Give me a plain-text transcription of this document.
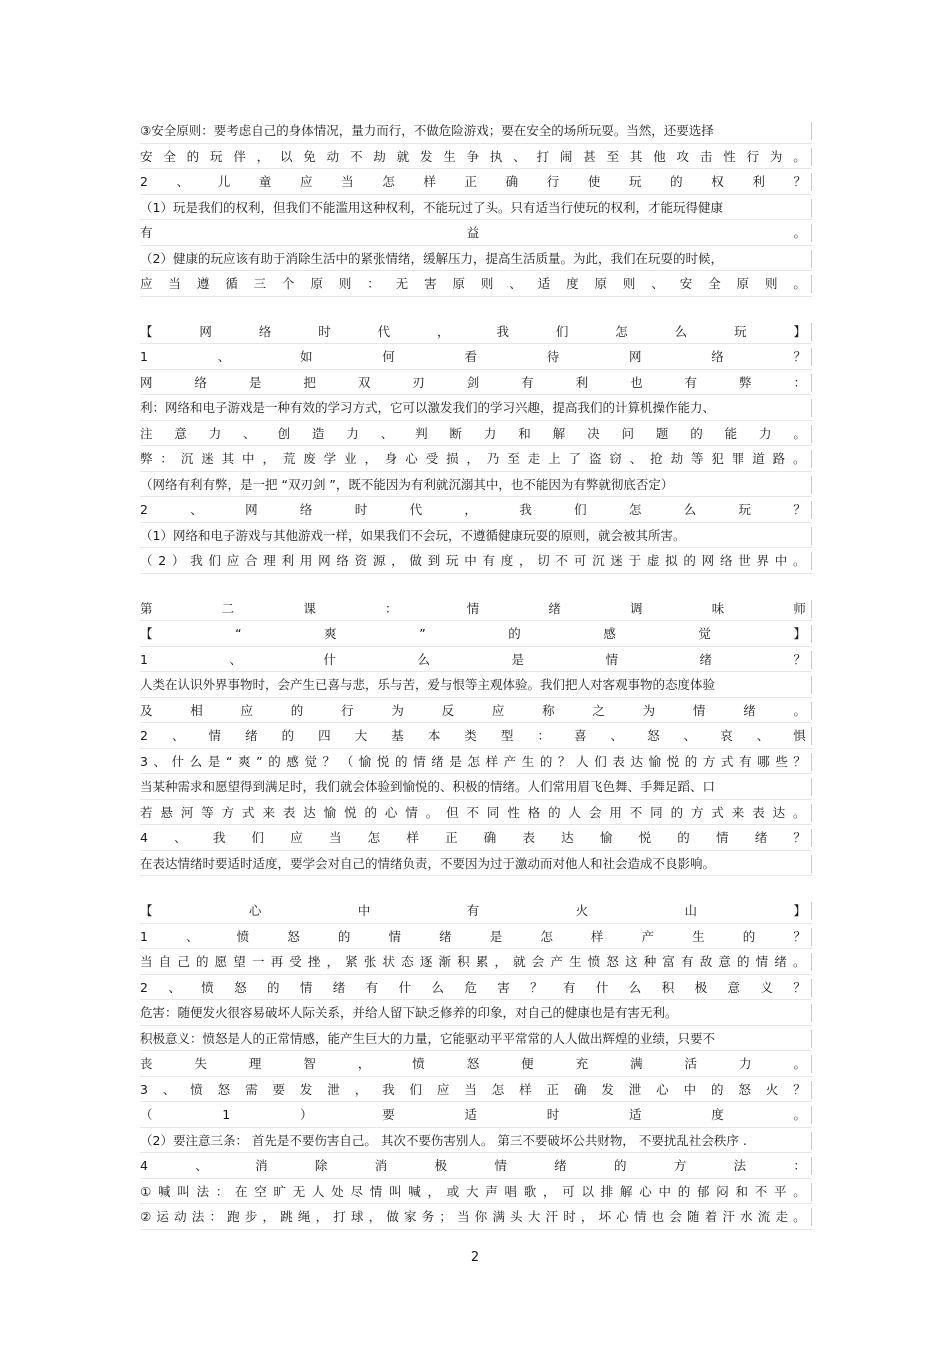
③安全原则：要考虑自己的身体情况，量力而行，不做危险游戏；要在安全的场所玩耍。当然，还要选择
安 全 的 玩 伴 ， 以 免 动 不 劫 就 发 生 争 执 、 打 闹 甚 至 其 他 攻 击 性 行 为 。
2 、 儿 童 应 当 怎 样 正 确 行 使 玩 的 权 利 ？
（1）玩是我们的权利，但我们不能滥用这种权利，不能玩过了头。只有适当行使玩的权利，才能玩得健康
有	益	。
（2）健康的玩应该有助于消除生活中的紧张情绪，缓解压力，提高生活质量。为此，我们在玩耍的时候，
应 当 遵 循 三 个 原 则 ： 无 害 原 则 、 适 度 原 则 、 安 全 原 则 。
【	网	络	时	代	，	我	们	怎	么	玩	】
1	、	如	何	看	待	网	络	？
网	络	是	把	双	刃	剑	有	利	也	有	弊	：
利：网络和电子游戏是一种有效的学习方式，它可以激发我们的学习兴趣，提高我们的计算机操作能力、
注 意 力 、 创 造 力 、 判 断 力 和 解 决 问 题 的 能 力 。
弊 ： 沉 迷 其 中 ， 荒 废 学 业 ， 身 心 受 损 ， 乃 至 走 上 了 盗 窃 、 抢 劫 等 犯 罪 道 路 。
（网络有利有弊，是一把 “双刃剑 ”，既不能因为有利就沉溺其中，也不能因为有弊就彻底否定）
2	、	网	络	时	代	，	我	们	怎	么	玩	？
（1）网络和电子游戏与其他游戏一样，如果我们不会玩，不遵循健康玩耍的原则，就会被其所害。
（ 2 ） 我 们 应 合 理 利 用 网 络 资 源 ， 做 到 玩 中 有 度 ， 切 不 可 沉 迷 于 虚 拟 的 网 络 世 界 中 。
第	二	课	：	情	绪	调	味	师
【	“	爽	”	的	感	觉	】
1	、	什	么	是	情	绪	？
人类在认识外界事物时，会产生已喜与悲，乐与苦，爱与恨等主观体验。我们把人对客观事物的态度体验
及	相	应	的	行	为	反	应	称	之	为	情	绪	。
2 、 情 绪 的 四 大 基 本 类 型 ： 喜 、 怒 、 哀 、 惧
3 、 什 么 是 “ 爽 ” 的 感 觉 ？ （ 愉 悦 的 情 绪 是 怎 样 产 生 的 ？ 人 们 表 达 愉 悦 的 方 式 有 哪 些 ？
当某种需求和愿望得到满足时，我们就会体验到愉悦的、积极的情绪。人们常用眉飞色舞、手舞足蹈、口
若 悬 河 等 方 式 来 表 达 愉 悦 的 心 情 。 但 不 同 性 格 的 人 会 用 不 同 的 方 式 来 表 达 。
4 、 我 们 应 当 怎 样 正 确 表 达 愉 悦 的 情 绪 ？
在表达情绪时要适时适度，要学会对自己的情绪负责，不要因为过于激动而对他人和社会造成不良影响。
【	心	中	有	火	山	】
1	、	愤	怒	的	情	绪	是	怎	样	产	生	的	？
当 自 己 的 愿 望 一 再 受 挫 ， 紧 张 状 态 逐 渐 积 累 ， 就 会 产 生 愤 怒 这 种 富 有 敌 意 的 情 绪 。
2 、 愤 怒 的 情 绪 有 什 么 危 害 ？ 有 什 么 积 极 意 义 ？
危害：随便发火很容易破坏人际关系，并给人留下缺乏修养的印象，对自己的健康也是有害无利。
积极意义：愤怒是人的正常情感，能产生巨大的力量，它能驱动平平常常的人人做出辉煌的业绩，只要不
丧	失	理	智	，	愤	怒	便	充	满	活	力	。
3 、 愤 怒 需 要 发 泄 ， 我 们 应 当 怎 样 正 确 发 泄 心 中 的 怒 火 ？
（	1	）	要	适	时	适	度	。
（2）要注意三条： 首先是不要伤害自己。 其次不要伤害别人。 第三不要破坏公共财物， 不要扰乱社会秩序 .
4	、	消	除	消	极	情	绪	的	方	法	：
① 喊 叫 法 ： 在 空 旷 无 人 处 尽 情 叫 喊 ， 或 大 声 唱 歌 ， 可 以 排 解 心 中 的 郁 闷 和 不 平 。
② 运 动 法 ： 跑 步 ， 跳 绳 ， 打 球 ， 做 家 务 ； 当 你 满 头 大 汗 时 ， 坏 心 情 也 会 随 着 汗 水 流 走 。
2
